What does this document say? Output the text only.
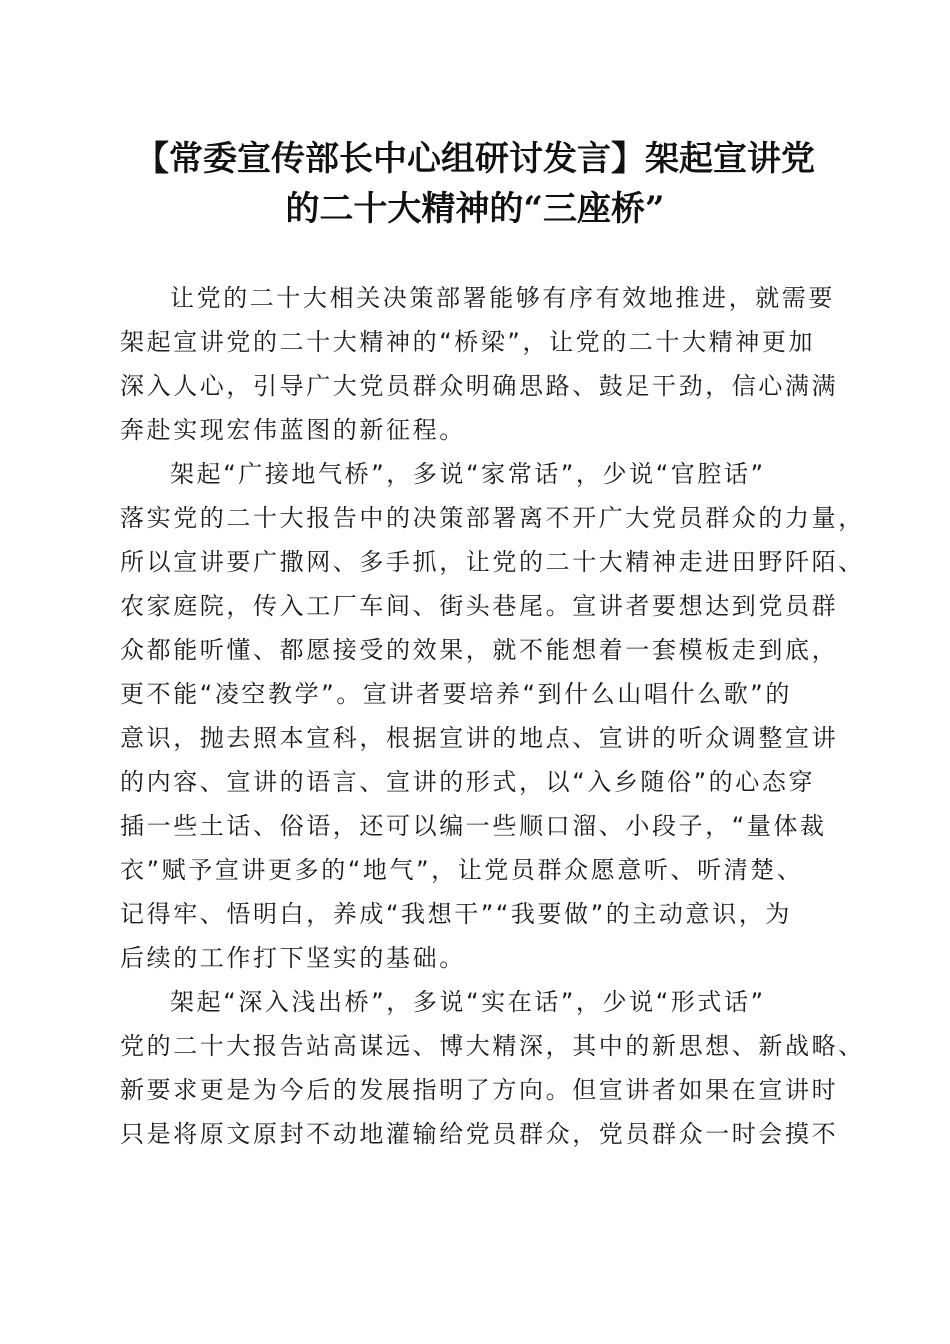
【常委宣传部长中心组研讨发言】架起宣讲党
的二十大精神的“三座桥”
让党的二十大相关决策部署能够有序有效地推进，就需要
架起宣讲党的二十大精神的“桥梁”，让党的二十大精神更加
深入人心，引导广大党员群众明确思路、鼓足干劲，信心满满
奔赴实现宏伟蓝图的新征程。
架起“广接地气桥”，多说“家常话”，少说“官腔话”
落实党的二十大报告中的决策部署离不开广大党员群众的力量，
所以宣讲要广撒网、多手抓，让党的二十大精神走进田野阡陌、
农家庭院，传入工厂车间、街头巷尾。宣讲者要想达到党员群
众都能听懂、都愿接受的效果，就不能想着一套模板走到底，
更不能“凌空教学”。宣讲者要培养“到什么山唱什么歌”的
意识，抛去照本宣科，根据宣讲的地点、宣讲的听众调整宣讲
的内容、宣讲的语言、宣讲的形式，以“入乡随俗”的心态穿
插一些土话、俗语，还可以编一些顺口溜、小段子，“量体裁
衣”赋予宣讲更多的“地气”，让党员群众愿意听、听清楚、
记得牢、悟明白，养成“我想干”“我要做”的主动意识，为
后续的工作打下坚实的基础。
架起“深入浅出桥”，多说“实在话”，少说“形式话”
党的二十大报告站高谋远、博大精深，其中的新思想、新战略、
新要求更是为今后的发展指明了方向。但宣讲者如果在宣讲时
只是将原文原封不动地灌输给党员群众，党员群众一时会摸不
